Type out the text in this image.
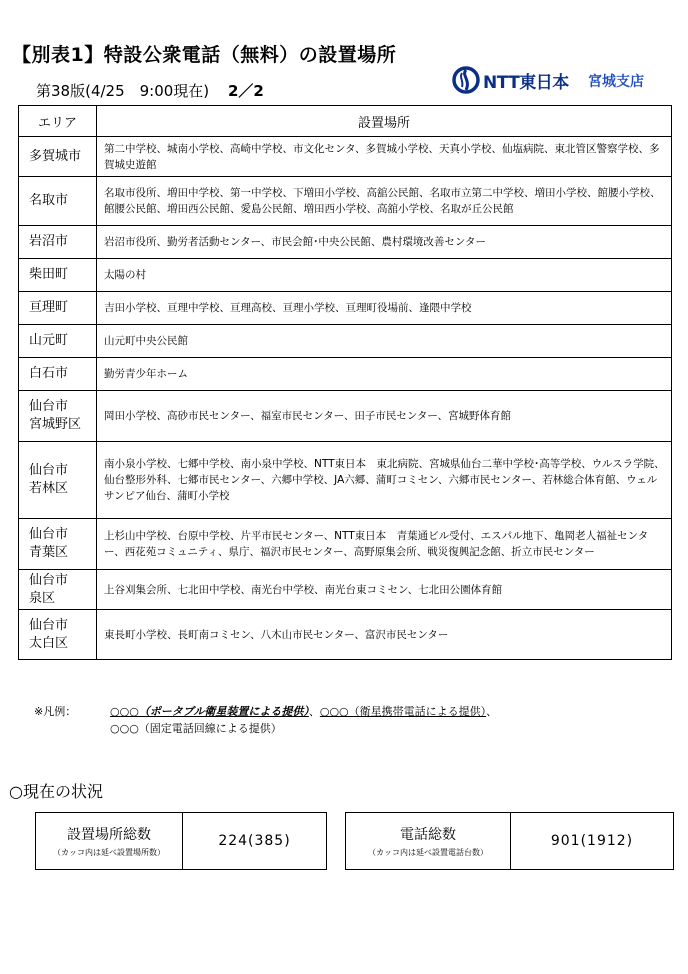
【別表1】特設公衆電話（無料）の設置場所
第38版(4/25　9:00現在) 2／2	NTT東日本 宮城支店
エリア	設置場所
多賀城市	第二中学校、城南小学校、高崎中学校、市文化センタ、多賀城小学校、天真小学校、仙塩病院、東北管区警察学校、多賀城史遊館
名取市	名取市役所、増田中学校、第一中学校、下増田小学校、高舘公民館、名取市立第二中学校、増田小学校、館腰小学校、館腰公民館、増田西公民館、愛島公民館、増田西小学校、高舘小学校、名取が丘公民館
岩沼市	岩沼市役所、勤労者活動センター、市民会館･中央公民館、農村環境改善センター
柴田町	太陽の村
亘理町	吉田小学校、亘理中学校、亘理高校、亘理小学校、亘理町役場前、逢隈中学校
山元町	山元町中央公民館
白石市	勤労青少年ホーム
仙台市
宮城野区	岡田小学校、高砂市民センター、福室市民センター、田子市民センター、宮城野体育館
仙台市
若林区	南小泉小学校、七郷中学校、南小泉中学校、NTT東日本　東北病院、宮城県仙台二華中学校･高等学校、ウルスラ学院、仙台整形外科、七郷市民センター、六郷中学校、JA六郷、蒲町コミセン、六郷市民センター、若林総合体育館、ウェルサンピア仙台、蒲町小学校
仙台市
青葉区	上杉山中学校、台原中学校、片平市民センター、NTT東日本　青葉通ビル受付、エスパル地下、亀岡老人福祉センター、西花苑コミュニティ、県庁、福沢市民センター、高野原集会所、戦災復興記念館、折立市民センター
仙台市
泉区	上谷刈集会所、七北田中学校、南光台中学校、南光台東コミセン、七北田公園体育館
仙台市
太白区	東長町小学校、長町南コミセン、八木山市民センター、富沢市民センター
※凡例：	○○○（ポータブル衛星装置による提供）、○○○（衛星携帯電話による提供）、
○○○（固定電話回線による提供）
○現在の状況
設置場所総数
（カッコ内は延べ設置場所数）
224(385)	電話総数
（カッコ内は延べ設置電話台数）
901(1912)
